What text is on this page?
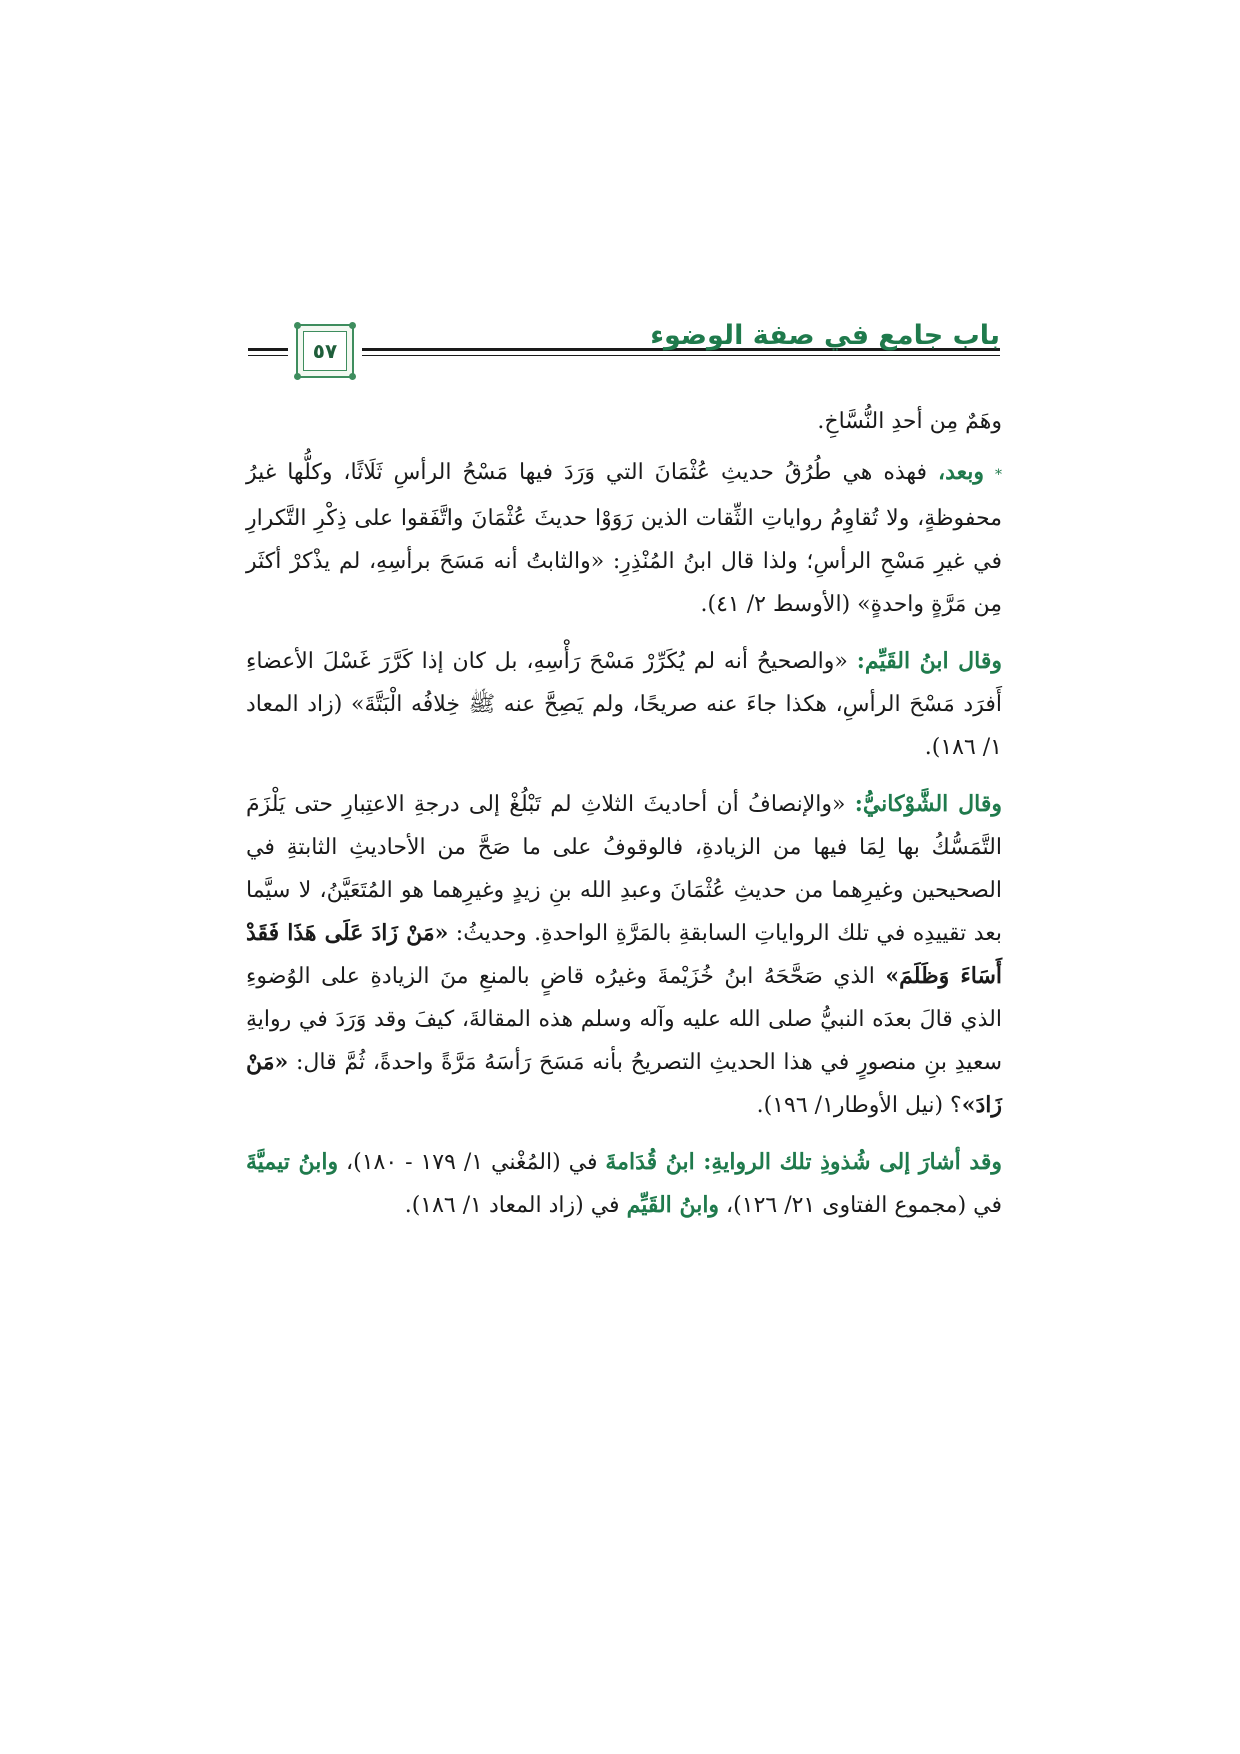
٥٧	باب جامع في صفة الوضوء

وهَمٌ مِن أحدِ النُّسَّاخِ.

* وبعد، فهذه هي طُرُقُ حديثِ عُثْمَانَ التي وَرَدَ فيها مَسْحُ الرأسِ ثَلَاثًا، وكلُّها غيرُ محفوظةٍ، ولا تُقاوِمُ رواياتِ الثِّقات الذين رَوَوْا حديثَ عُثْمَانَ واتَّفَقوا على ذِكْرِ التَّكرارِ في غيرِ مَسْحِ الرأسِ؛ ولذا قال ابنُ المُنْذِرِ: «والثابتُ أنه مَسَحَ برأسِهِ، لم يذْكرْ أكثَر مِن مَرَّةٍ واحدةٍ» (الأوسط ٢/ ٤١).

وقال ابنُ القَيِّم: «والصحيحُ أنه لم يُكَرِّرْ مَسْحَ رَأْسِهِ، بل كان إذا كَرَّرَ غَسْلَ الأعضاءِ أَفرَد مَسْحَ الرأسِ، هكذا جاءَ عنه صريحًا، ولم يَصِحَّ عنه ﷺ خِلافُه الْبَتَّةَ» (زاد المعاد ١/ ١٨٦).

وقال الشَّوْكانيُّ: «والإنصافُ أن أحاديثَ الثلاثِ لم تَبْلُغْ إلى درجةِ الاعتِبارِ حتى يَلْزَمَ التَّمَسُّكُ بها لِمَا فيها من الزيادةِ، فالوقوفُ على ما صَحَّ من الأحاديثِ الثابتةِ في الصحيحين وغيرِهما من حديثِ عُثْمَانَ وعبدِ الله بنِ زيدٍ وغيرِهما هو المُتَعَيَّنُ، لا سيَّما بعد تقييدِه في تلك الرواياتِ السابقةِ بالمَرَّةِ الواحدةِ. وحديثُ: «مَنْ زَادَ عَلَى هَذَا فَقَدْ أَسَاءَ وَظَلَمَ» الذي صَحَّحَهُ ابنُ خُزَيْمةَ وغيرُه قاضٍ بالمنعِ منَ الزيادةِ على الوُضوءِ الذي قالَ بعدَه النبيُّ صلى الله عليه وآله وسلم هذه المقالةَ، كيفَ وقد وَرَدَ في روايةِ سعيدِ بنِ منصورٍ في هذا الحديثِ التصريحُ بأنه مَسَحَ رَأسَهُ مَرَّةً واحدةً، ثُمَّ قال: «مَنْ زَادَ»؟ (نيل الأوطار١/ ١٩٦).

وقد أشارَ إلى شُذوذِ تلك الروايةِ: ابنُ قُدَامةَ في (المُغْني ١/ ١٧٩ - ١٨٠)، وابنُ تيميَّةَ في (مجموع الفتاوى ٢١/ ١٢٦)، وابنُ القَيِّم في (زاد المعاد ١/ ١٨٦).
